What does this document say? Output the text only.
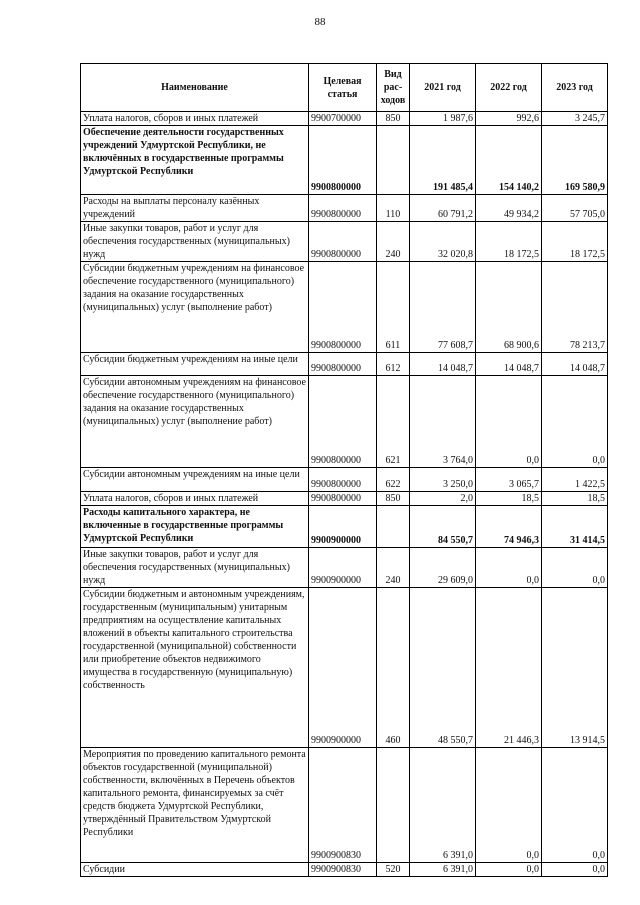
88
Наименование	Целевая статья	Вид рас-ходов	2021 год	2022 год	2023 год
Уплата налогов, сборов и иных платежей	9900700000	850	1 987,6	992,6	3 245,7
Обеспечение деятельности государственных учреждений Удмуртской Республики, не включённых в государственные программы Удмуртской Республики	9900800000		191 485,4	154 140,2	169 580,9
Расходы на выплаты персоналу казённых учреждений	9900800000	110	60 791,2	49 934,2	57 705,0
Иные закупки товаров, работ и услуг для обеспечения государственных (муниципальных) нужд	9900800000	240	32 020,8	18 172,5	18 172,5
Субсидии бюджетным учреждениям на финансовое обеспечение государственного (муниципального) задания на оказание государственных (муниципальных) услуг (выполнение работ)	9900800000	611	77 608,7	68 900,6	78 213,7
Субсидии бюджетным учреждениям на иные цели	9900800000	612	14 048,7	14 048,7	14 048,7
Субсидии автономным учреждениям на финансовое обеспечение государственного (муниципального) задания на оказание государственных (муниципальных) услуг (выполнение работ)	9900800000	621	3 764,0	0,0	0,0
Субсидии автономным учреждениям на иные цели	9900800000	622	3 250,0	3 065,7	1 422,5
Уплата налогов, сборов и иных платежей	9900800000	850	2,0	18,5	18,5
Расходы капитального характера, не включенные в государственные программы Удмуртской Республики	9900900000		84 550,7	74 946,3	31 414,5
Иные закупки товаров, работ и услуг для обеспечения государственных (муниципальных) нужд	9900900000	240	29 609,0	0,0	0,0
Субсидии бюджетным и автономным учреждениям, государственным (муниципальным) унитарным предприятиям на осуществление капитальных вложений в объекты капитального строительства государственной (муниципальной) собственности или приобретение объектов недвижимого имущества в государственную (муниципальную) собственность	9900900000	460	48 550,7	21 446,3	13 914,5
Мероприятия по проведению капитального ремонта объектов государственной (муниципальной) собственности, включённых в Перечень объектов капитального ремонта, финансируемых за счёт средств бюджета Удмуртской Республики, утверждённый Правительством Удмуртской Республики	9900900830		6 391,0	0,0	0,0
Субсидии	9900900830	520	6 391,0	0,0	0,0
